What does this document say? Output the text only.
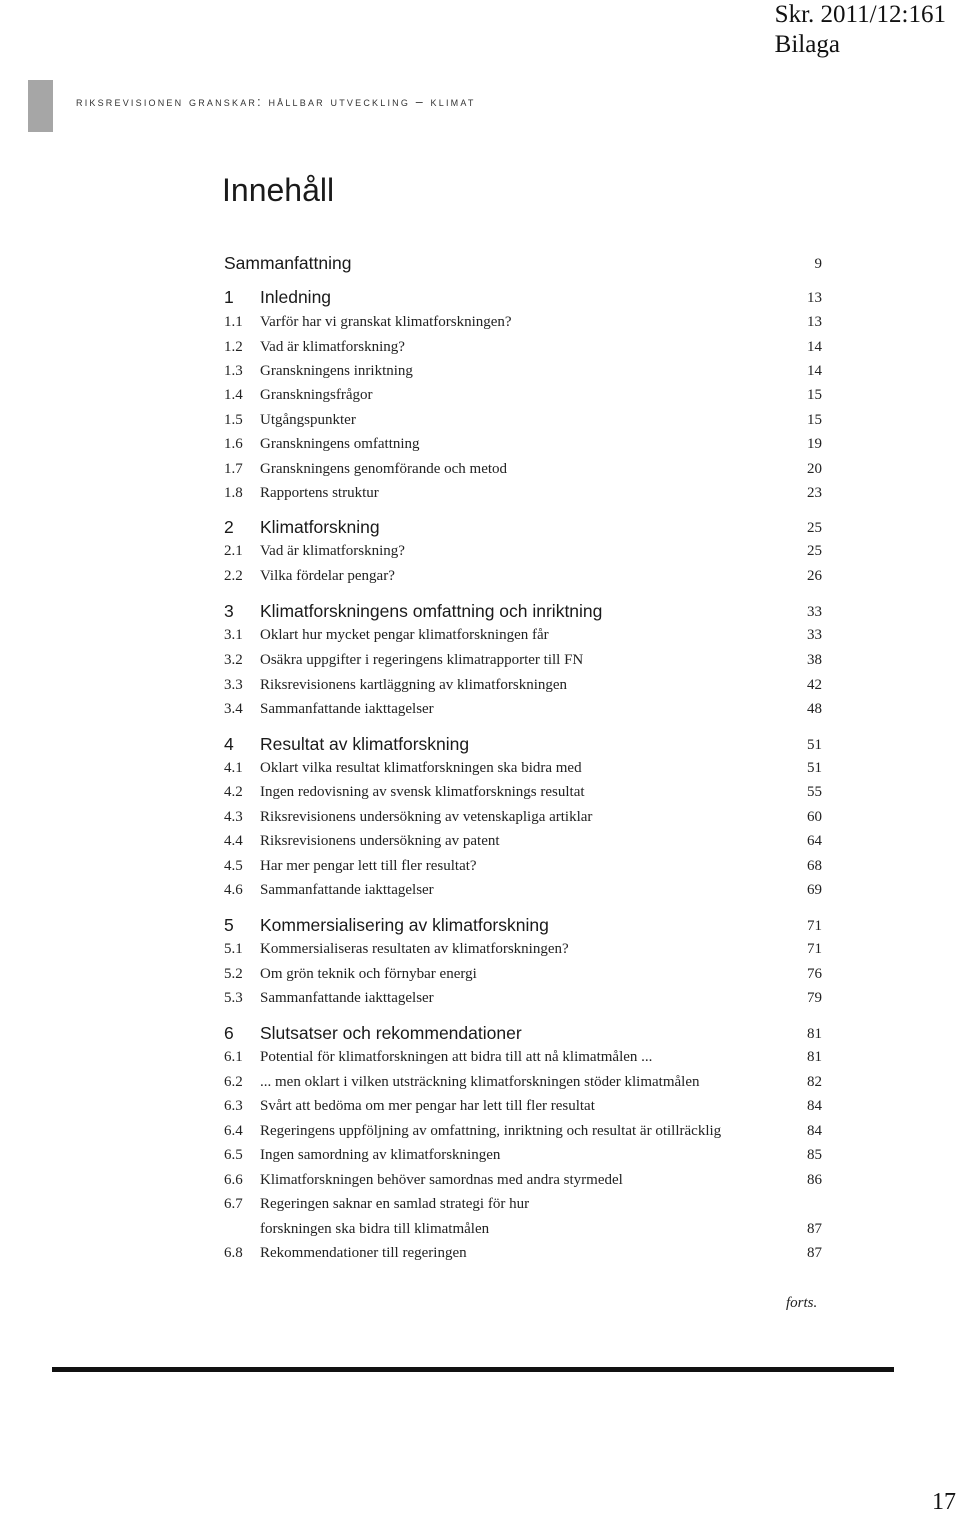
Skr. 2011/12:161
Bilaga
riksrevisionen granskar: hållbar utveckling – klimat
Innehåll
Sammanfattning	9
1 Inledning	13
1.1 Varför har vi granskat klimatforskningen?	13
1.2 Vad är klimatforskning?	14
1.3 Granskningens inriktning	14
1.4 Granskningsfrågor	15
1.5 Utgångspunkter	15
1.6 Granskningens omfattning	19
1.7 Granskningens genomförande och metod	20
1.8 Rapportens struktur	23
2 Klimatforskning	25
2.1 Vad är klimatforskning?	25
2.2 Vilka fördelar pengar?	26
3 Klimatforskningens omfattning och inriktning	33
3.1 Oklart hur mycket pengar klimatforskningen får	33
3.2 Osäkra uppgifter i regeringens klimatrapporter till FN	38
3.3 Riksrevisionens kartläggning av klimatforskningen	42
3.4 Sammanfattande iakttagelser	48
4 Resultat av klimatforskning	51
4.1 Oklart vilka resultat klimatforskningen ska bidra med	51
4.2 Ingen redovisning av svensk klimatforsknings resultat	55
4.3 Riksrevisionens undersökning av vetenskapliga artiklar	60
4.4 Riksrevisionens undersökning av patent	64
4.5 Har mer pengar lett till fler resultat?	68
4.6 Sammanfattande iakttagelser	69
5 Kommersialisering av klimatforskning	71
5.1 Kommersialiseras resultaten av klimatforskningen?	71
5.2 Om grön teknik och förnybar energi	76
5.3 Sammanfattande iakttagelser	79
6 Slutsatser och rekommendationer	81
6.1 Potential för klimatforskningen att bidra till att nå klimatmålen ...	81
6.2 ... men oklart i vilken utsträckning klimatforskningen stöder klimatmålen	82
6.3 Svårt att bedöma om mer pengar har lett till fler resultat	84
6.4 Regeringens uppföljning av omfattning, inriktning och resultat är otillräcklig	84
6.5 Ingen samordning av klimatforskningen	85
6.6 Klimatforskningen behöver samordnas med andra styrmedel	86
6.7 Regeringen saknar en samlad strategi för hur
forskningen ska bidra till klimatmålen	87
6.8 Rekommendationer till regeringen	87
forts.
17
